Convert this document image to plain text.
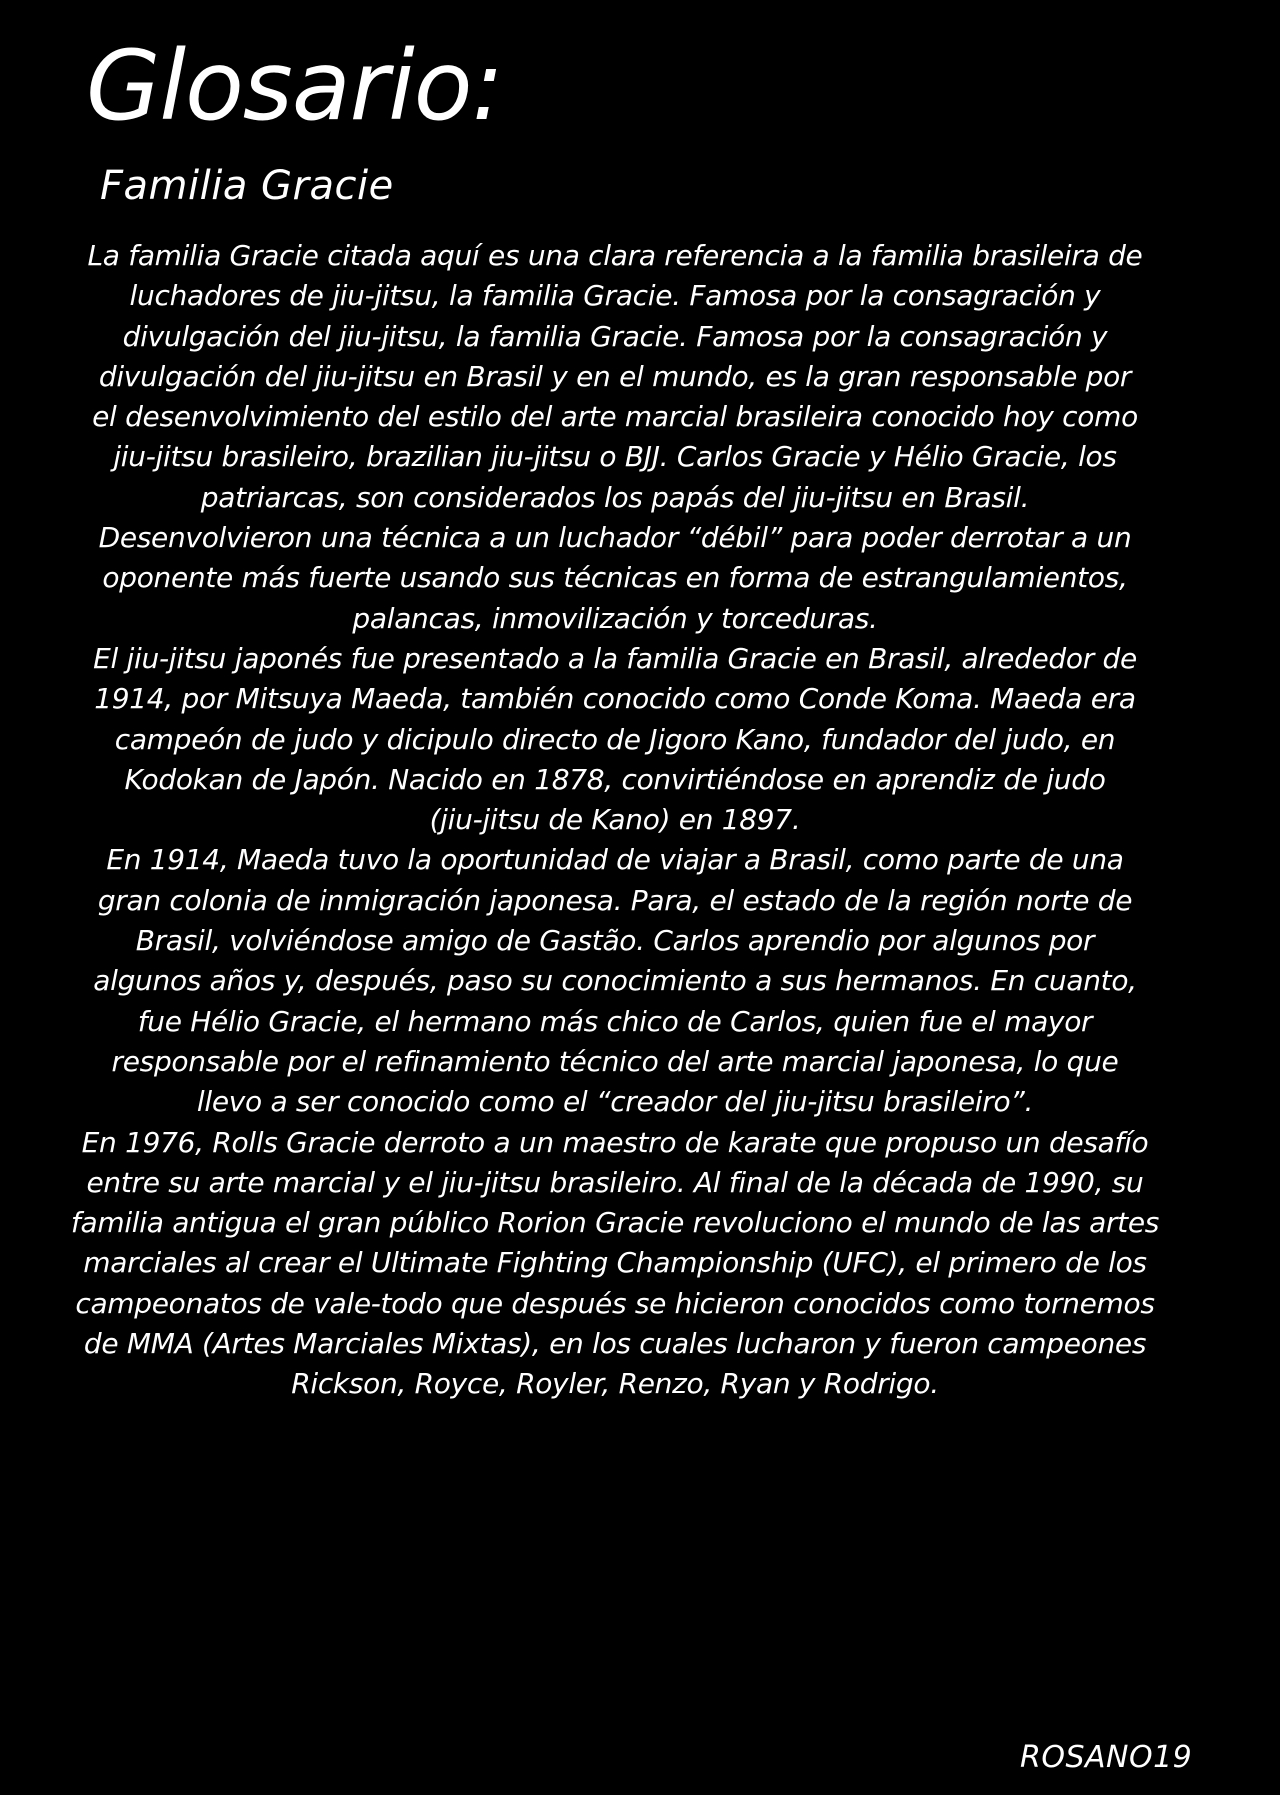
Glosario:
Familia Gracie
La familia Gracie citada aquí es una clara referencia a la familia brasileira de
luchadores de jiu-jitsu, la familia Gracie. Famosa por la consagración y
divulgación del jiu-jitsu, la familia Gracie. Famosa por la consagración y
divulgación del jiu-jitsu en Brasil y en el mundo, es la gran responsable por
el desenvolvimiento del estilo del arte marcial brasileira conocido hoy como
jiu-jitsu brasileiro, brazilian jiu-jitsu o BJJ. Carlos Gracie y Hélio Gracie, los
patriarcas, son considerados los papás del jiu-jitsu en Brasil.
Desenvolvieron una técnica a un luchador “débil” para poder derrotar a un
oponente más fuerte usando sus técnicas en forma de estrangulamientos,
palancas, inmovilización y torceduras.
El jiu-jitsu japonés fue presentado a la familia Gracie en Brasil, alrededor de
1914, por Mitsuya Maeda, también conocido como Conde Koma. Maeda era
campeón de judo y dicipulo directo de Jigoro Kano, fundador del judo, en
Kodokan de Japón. Nacido en 1878, convirtiéndose en aprendiz de judo
(jiu-jitsu de Kano) en 1897.
En 1914, Maeda tuvo la oportunidad de viajar a Brasil, como parte de una
gran colonia de inmigración japonesa. Para, el estado de la región norte de
Brasil, volviéndose amigo de Gastão. Carlos aprendio por algunos por
algunos años y, después, paso su conocimiento a sus hermanos. En cuanto,
fue Hélio Gracie, el hermano más chico de Carlos, quien fue el mayor
responsable por el refinamiento técnico del arte marcial japonesa, lo que
llevo a ser conocido como el “creador del jiu-jitsu brasileiro”.
En 1976, Rolls Gracie derroto a un maestro de karate que propuso un desafío
entre su arte marcial y el jiu-jitsu brasileiro. Al final de la década de 1990, su
familia antigua el gran público Rorion Gracie revoluciono el mundo de las artes
marciales al crear el Ultimate Fighting Championship (UFC), el primero de los
campeonatos de vale-todo que después se hicieron conocidos como tornemos
de MMA (Artes Marciales Mixtas), en los cuales lucharon y fueron campeones
Rickson, Royce, Royler, Renzo, Ryan y Rodrigo.
ROSANO19
